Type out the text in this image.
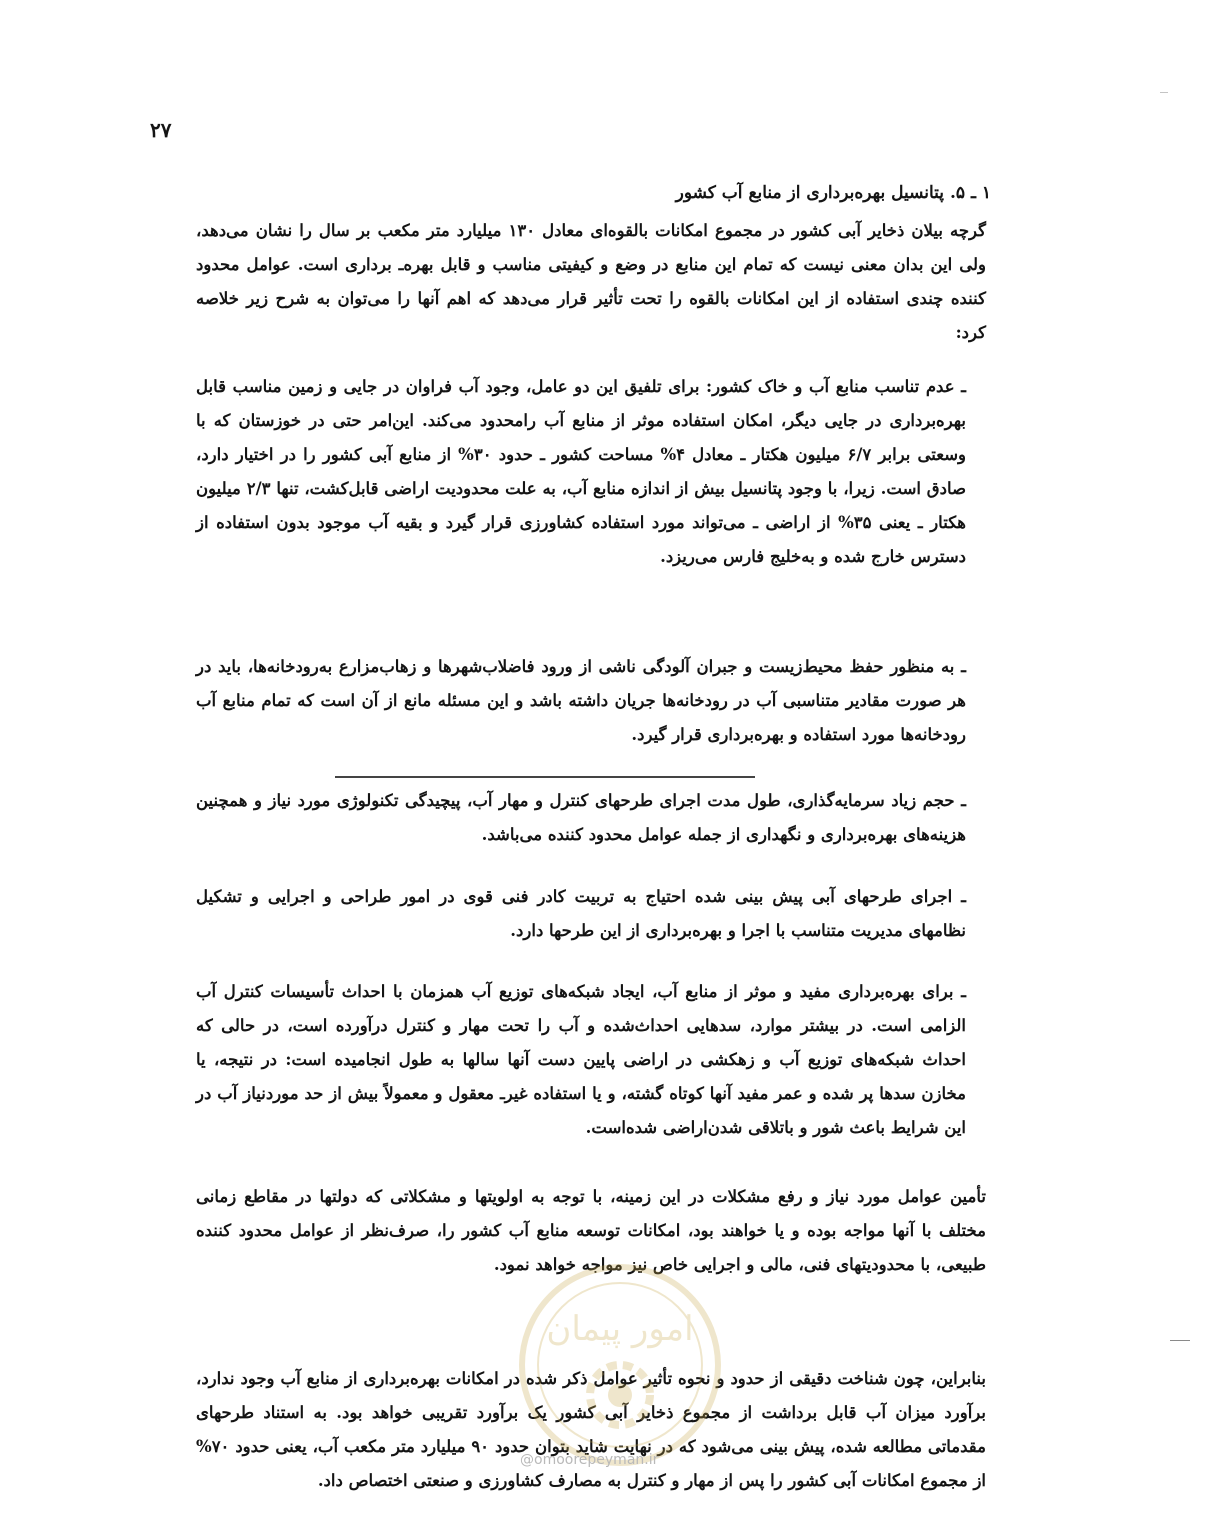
۲۷
۱ ـ ۵. پتانسیل بهره‌برداری از منابع آب کشور

گرچه بیلان ذخایر آبی کشور در مجموع امکانات بالقوه‌ای معادل ۱۳۰ میلیارد متر مکعب بر سال را نشان می‌دهد، ولی این بدان معنی نیست که تمام این منابع در وضع و کیفیتی مناسب و قابل بهره‌ـ برداری است. عوامل محدود کننده چندی استفاده از این امکانات بالقوه را تحت تأثیر قرار می‌دهد که اهم آنها را می‌توان به شرح زیر خلاصه کرد:

ـ عدم تناسب منابع آب و خاک کشور: برای تلفیق این دو عامل، وجود آب فراوان در جایی و زمین مناسب قابل بهره‌برداری در جایی دیگر، امکان استفاده موثر از منابع آب رامحدود می‌کند. این‌امر حتی در خوزستان که با وسعتی برابر ۶/۷ میلیون هکتار ـ معادل ۴% مساحت کشور ـ حدود ۳۰% از منابع آبی کشور را در اختیار دارد، صادق است. زیرا، با وجود پتانسیل بیش از اندازه منابع آب، به علت محدودیت اراضی قابل‌کشت، تنها ۲/۳ میلیون هکتار ـ یعنی ۳۵% از اراضی ـ می‌تواند مورد استفاده کشاورزی قرار گیرد و بقیه آب موجود بدون استفاده از دسترس خارج شده و به‌خلیج فارس می‌ریزد.

ـ به منظور حفظ محیط‌زیست و جبران آلودگی ناشی از ورود فاضلاب‌شهرها و زهاب‌مزارع به‌رودخانه‌ها، باید در هر صورت مقادیر متناسبی آب در رودخانه‌ها جریان داشته باشد و این مسئله مانع از آن است که تمام منابع آب رودخانه‌ها مورد استفاده و بهره‌برداری قرار گیرد.

ـ حجم زیاد سرمایه‌گذاری، طول مدت اجرای طرحهای کنترل و مهار آب، پیچیدگی تکنولوژی مورد نیاز و همچنین هزینه‌های بهره‌برداری و نگهداری از جمله عوامل محدود کننده می‌باشد.

ـ اجرای طرحهای آبی پیش بینی شده احتیاج به تربیت کادر فنی قوی در امور طراحی و اجرایی و تشکیل نظامهای مدیریت متناسب با اجرا و بهره‌برداری از این طرحها دارد.

ـ برای بهره‌برداری مفید و موثر از منابع آب، ایجاد شبکه‌های توزیع آب همزمان با احداث تأسیسات کنترل آب الزامی است. در بیشتر موارد، سدهایی احداث‌شده و آب را تحت مهار و کنترل درآورده است، در حالی که احداث شبکه‌های توزیع آب و زهکشی در اراضی پایین دست آنها سالها به طول انجامیده است: در نتیجه، یا مخازن سدها پر شده و عمر مفید آنها کوتاه گشته، و یا استفاده غیرـ معقول و معمولاً بیش از حد موردنیاز آب در این شرایط باعث شور و باتلاقی شدن‌اراضی شده‌است.

تأمین عوامل مورد نیاز و رفع مشکلات در این زمینه، با توجه به اولویتها و مشکلاتی که دولتها در مقاطع زمانی مختلف با آنها مواجه بوده و یا خواهند بود، امکانات توسعه منابع آب کشور را، صرف‌نظر از عوامل محدود کننده طبیعی، با محدودیتهای فنی، مالی و اجرایی خاص نیز مواجه خواهد نمود.

بنابراین، چون شناخت دقیقی از حدود و نحوه تأثیر عوامل ذکر شده در امکانات بهره‌برداری از منابع آب وجود ندارد، برآورد میزان آب قابل برداشت از مجموع ذخایر آبی کشور یک برآورد تقریبی خواهد بود. به استناد طرحهای مقدماتی مطالعه شده، پیش بینی می‌شود که در نهایت شاید بتوان حدود ۹۰ میلیارد متر مکعب آب، یعنی حدود ۷۰% از مجموع امکانات آبی کشور را پس از مهار و کنترل به مصارف کشاورزی و صنعتی اختصاص داد.

امور پیمان
@omoorepeyman.ir
